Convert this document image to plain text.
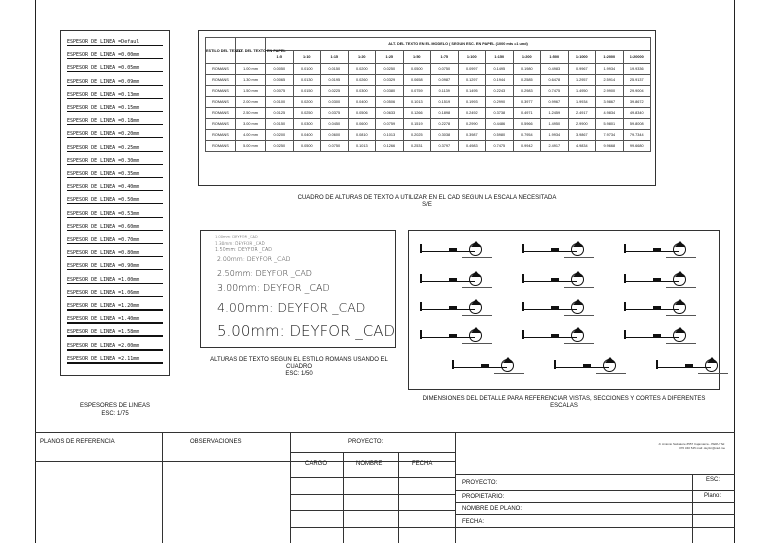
ESPESOR DE LINEA =Defaul
ESPESOR DE LINEA =0.00mm
ESPESOR DE LINEA =0.05mm
ESPESOR DE LINEA =0.09mm
ESPESOR DE LINEA =0.13mm
ESPESOR DE LINEA =0.15mm
ESPESOR DE LINEA =0.18mm
ESPESOR DE LINEA =0.20mm
ESPESOR DE LINEA =0.25mm
ESPESOR DE LINEA =0.30mm
ESPESOR DE LINEA =0.35mm
ESPESOR DE LINEA =0.40mm
ESPESOR DE LINEA =0.50mm
ESPESOR DE LINEA =0.53mm
ESPESOR DE LINEA =0.60mm
ESPESOR DE LINEA =0.70mm
ESPESOR DE LINEA =0.80mm
ESPESOR DE LINEA =0.90mm
ESPESOR DE LINEA =1.00mm
ESPESOR DE LINEA =1.06mm
ESPESOR DE LINEA =1.20mm
ESPESOR DE LINEA =1.40mm
ESPESOR DE LINEA =1.58mm
ESPESOR DE LINEA =2.00mm
ESPESOR DE LINEA =2.11mm
ESPESORES DE LINEAS
ESC: 1/75
ESTILO DEL TEXTO	ALT. DEL TEXTO EN PAPEL	ALT. DEL TEXTO EN EL MODELO ( SEGUN ESC. EN PAPEL (1000 mts =1 und)													
		1:5	1:10	1:15	1:20	1:25	1:50	1:75	1:100	1:150	1:200	1:500	1:1000	1:2000	1:20000
ROMANS	1.00 mm	0.0050	0.0100	0.0150	0.0200	0.0250	0.0500	0.0750	0.0997	0.1495	0.1980	0.4983	0.9967	1.9934	19.9336
ROMANS	1.30 mm	0.0065	0.0130	0.0195	0.0260	0.0329	0.0658	0.0987	0.1297	0.1944	0.2585	0.6478	1.2957	2.5914	25.9137
ROMANS	1.50 mm	0.0075	0.0150	0.0225	0.0300	0.0380	0.0759	0.1139	0.1495	0.2243	0.2983	0.7475	1.4950	2.9900	29.9004
ROMANS	2.00 mm	0.0100	0.0200	0.0300	0.0400	0.0506	0.1013	0.1519	0.1993	0.2990	0.3977	0.9967	1.9934	3.9867	39.8672
ROMANS	2.50 mm	0.0125	0.0250	0.0375	0.0506	0.0633	0.1266	0.1898	0.2492	0.3738	0.4971	1.2459	2.4917	4.9834	49.8340
ROMANS	3.00 mm	0.0150	0.0300	0.0450	0.0600	0.0759	0.1519	0.2278	0.2990	0.4486	0.5966	1.4950	2.9900	5.9801	59.8008
ROMANS	4.00 mm	0.0200	0.0400	0.0600	0.0810	0.1013	0.2025	0.3038	0.3987	0.5980	0.7954	1.9934	3.9867	7.9734	79.7344
ROMANS	5.00 mm	0.0250	0.0500	0.0750	0.1013	0.1266	0.2531	0.3797	0.4983	0.7475	0.9942	2.4917	4.9834	9.9668	99.6680
CUADRO DE ALTURAS DE TEXTO A UTILIZAR EN EL CAD SEGUN LA ESCALA NECESITADA
S/E
1.00mm: DEYFOR _CAD
1.30mm: DEYFOR _CAD
1.50mm: DEYFOR _CAD
2.00mm: DEYFOR _CAD
2.50mm: DEYFOR _CAD
3.00mm: DEYFOR _CAD
4.00mm: DEYFOR _CAD
5.00mm: DEYFOR _CAD
ALTURAS DE TEXTO SEGUN EL ESTILO ROMANS USANDO EL CUADRO
ESC: 1/50
DIMENSIONES DEL DETALLE PARA REFERENCIAR VISTAS, SECCIONES Y CORTES A DIFERENTES ESCALAS
PLANOS DE REFERENCIA	OBSERVACIONES	PROYECTO:
CARGO	NOMBRE	FECHA
Jr. Antonio Salvatore #557 Cajamarca - PERU Tel: 076 340 545 mail: deyfor@cad.me
PROYECTO:
PROPIETARIO:
NOMBRE DE PLANO:
FECHA:
ESC:
Plano:
